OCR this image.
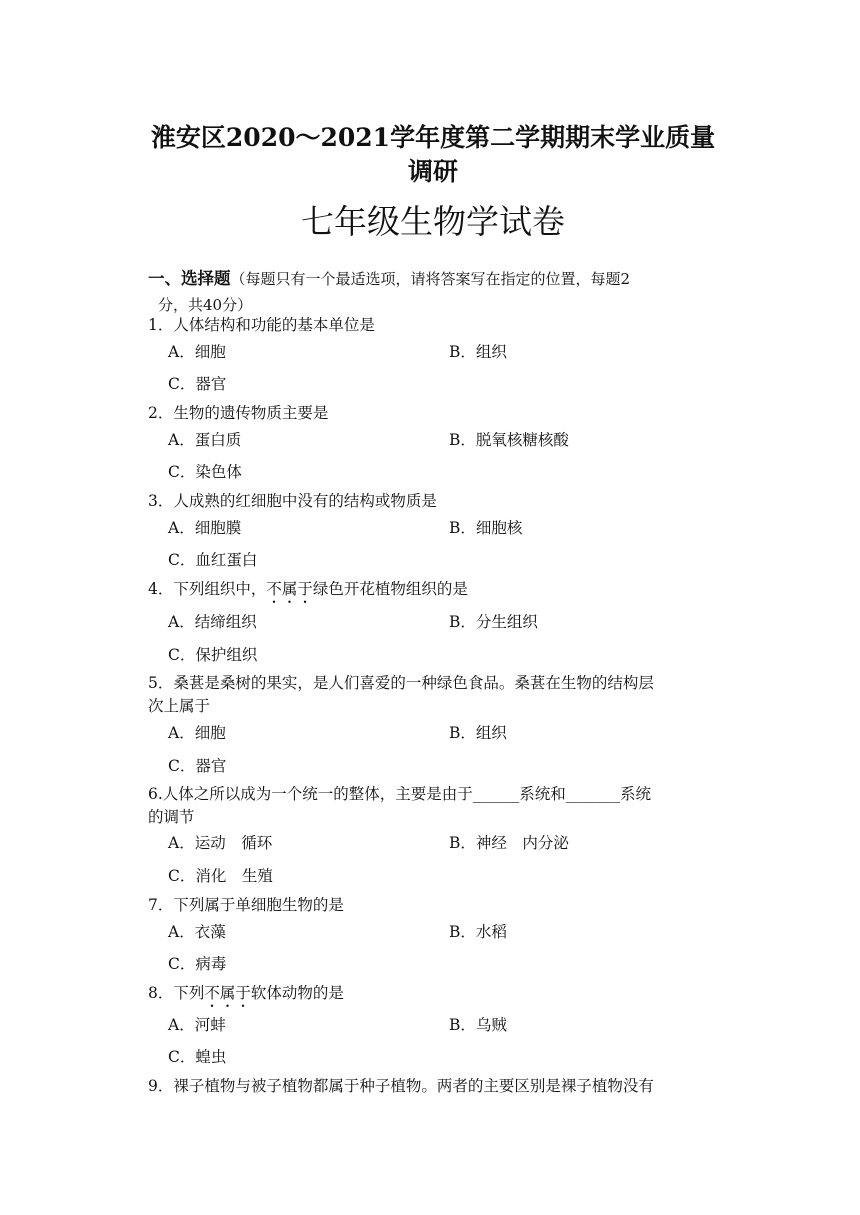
淮安区2020～2021学年度第二学期期末学业质量
调研
七年级生物学试卷
一、选择题（每题只有一个最适选项，请将答案写在指定的位置，每题2
分，共40分）
1．人体结构和功能的基本单位是
A．细胞	B．组织
C．器官
2．生物的遗传物质主要是
A．蛋白质	B．脱氧核糖核酸
C．染色体
3．人成熟的红细胞中没有的结构或物质是
A．细胞膜	B．细胞核
C．血红蛋白
4．下列组织中，不属于绿色开花植物组织的是
A．结缔组织	B．分生组织
C．保护组织
5．桑葚是桑树的果实，是人们喜爱的一种绿色食品。桑葚在生物的结构层
次上属于
A．细胞	B．组织
C．器官
6.人体之所以成为一个统一的整体，主要是由于______系统和_______系统
的调节
A．运动　循环	B．神经　内分泌
C．消化　生殖
7．下列属于单细胞生物的是
A．衣藻	B．水稻
C．病毒
8．下列不属于软体动物的是
A．河蚌	B．乌贼
C．蝗虫
9．裸子植物与被子植物都属于种子植物。两者的主要区别是裸子植物没有
